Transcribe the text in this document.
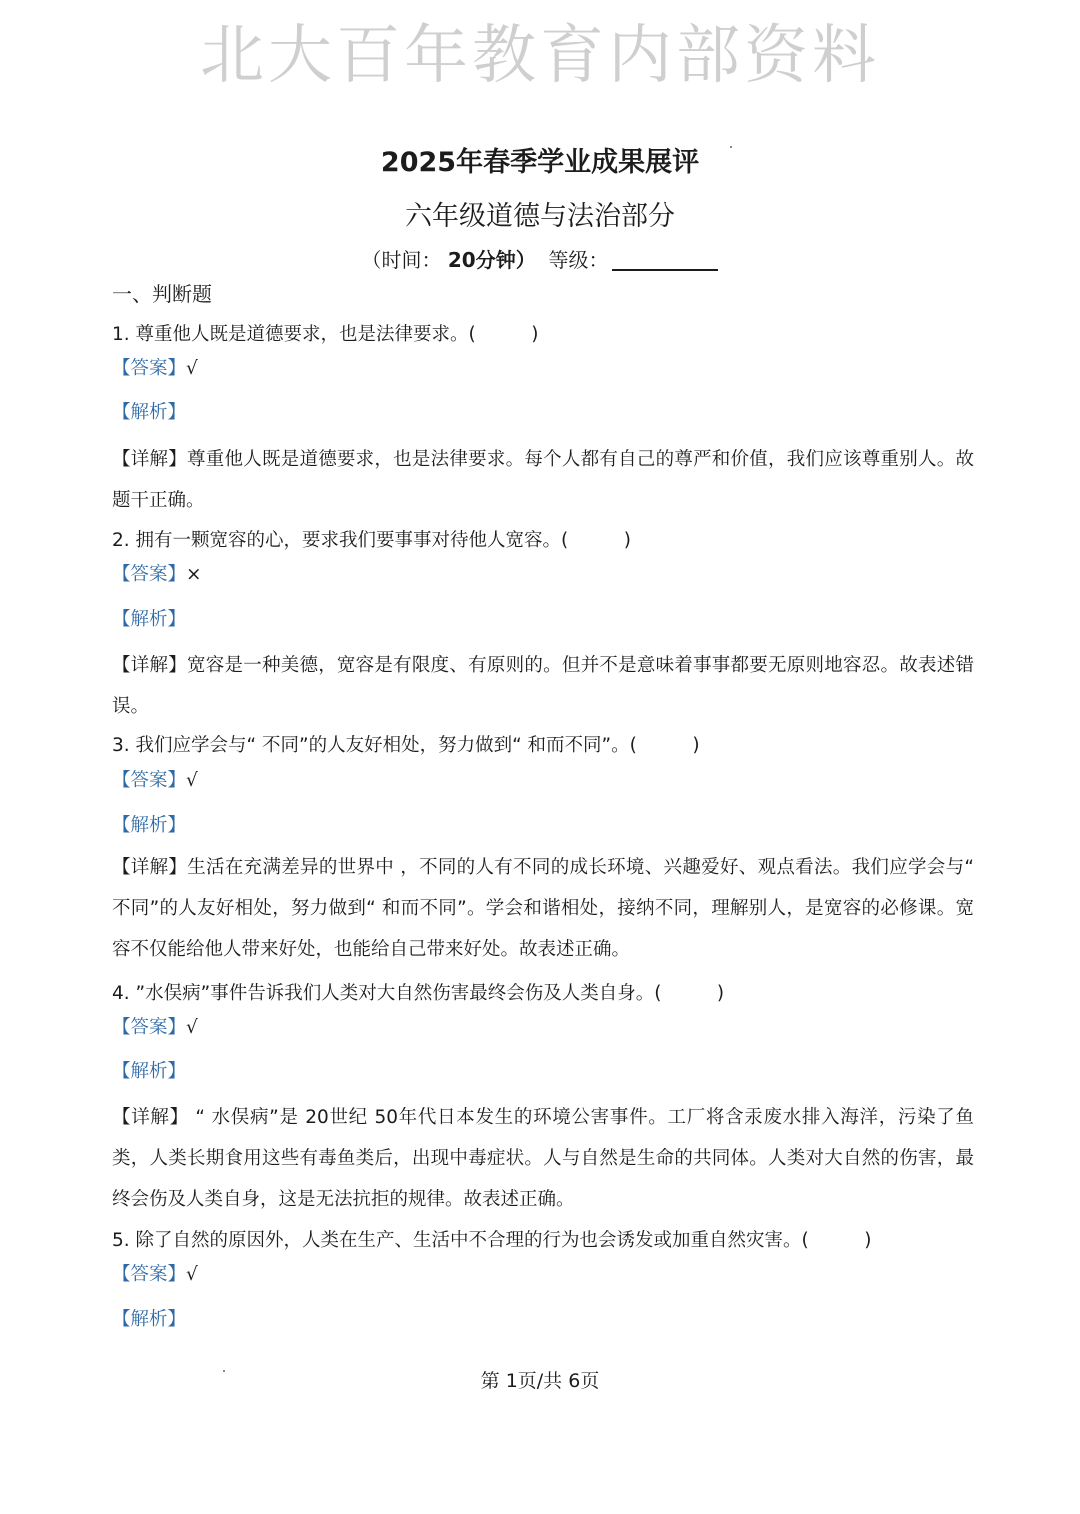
北大百年教育内部资料
2025年春季学业成果展评
六年级道德与法治部分
（时间： 20分钟） 等级：
一、判断题
1. 尊重他人既是道德要求，也是法律要求。(　　　)
【答案】√
【解析】
【详解】尊重他人既是道德要求，也是法律要求。每个人都有自己的尊严和价值，我们应该尊重别人。故题干正确。
2. 拥有一颗宽容的心，要求我们要事事对待他人宽容。(　　　)
【答案】×
【解析】
【详解】宽容是一种美德，宽容是有限度、有原则的。但并不是意味着事事都要无原则地容忍。故表述错误。
3. 我们应学会与“ 不同”的人友好相处，努力做到“ 和而不同”。(　　　)
【答案】√
【解析】
【详解】生活在充满差异的世界中 ，不同的人有不同的成长环境、兴趣爱好、观点看法。我们应学会与“ 不同”的人友好相处，努力做到“ 和而不同”。学会和谐相处，接纳不同，理解别人，是宽容的必修课。宽容不仅能给他人带来好处，也能给自己带来好处。故表述正确。
4. ”水俣病”事件告诉我们人类对大自然伤害最终会伤及人类自身。(　　　)
【答案】√
【解析】
【详解】 “ 水俣病”是 20世纪 50年代日本发生的环境公害事件。工厂将含汞废水排入海洋，污染了鱼类，人类长期食用这些有毒鱼类后，出现中毒症状。人与自然是生命的共同体。人类对大自然的伤害，最终会伤及人类自身，这是无法抗拒的规律。故表述正确。
5. 除了自然的原因外，人类在生产、生活中不合理的行为也会诱发或加重自然灾害。(　　　)
【答案】√
【解析】
第 1页/共 6页
